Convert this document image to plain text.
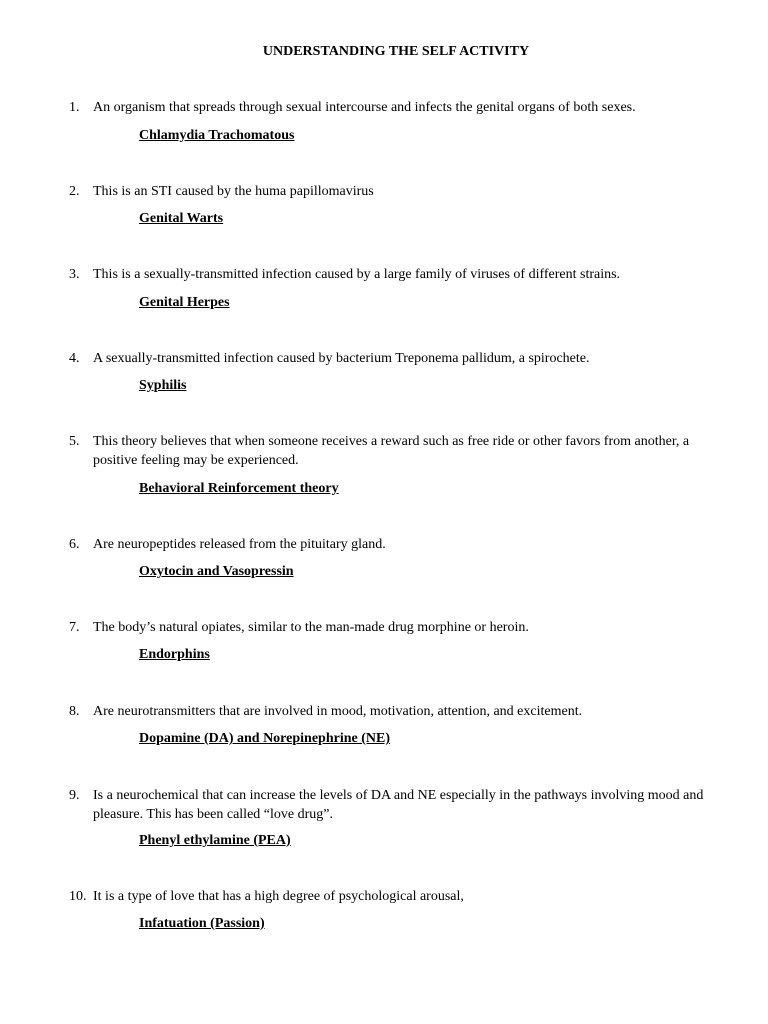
UNDERSTANDING THE SELF ACTIVITY
1. An organism that spreads through sexual intercourse and infects the genital organs of both sexes.
Chlamydia Trachomatous
2. This is an STI caused by the huma papillomavirus
Genital Warts
3. This is a sexually-transmitted infection caused by a large family of viruses of different strains.
Genital Herpes
4. A sexually-transmitted infection caused by bacterium Treponema pallidum, a spirochete.
Syphilis
5. This theory believes that when someone receives a reward such as free ride or other favors from another, a positive feeling may be experienced.
Behavioral Reinforcement theory
6. Are neuropeptides released from the pituitary gland.
Oxytocin and Vasopressin
7. The body’s natural opiates, similar to the man-made drug morphine or heroin.
Endorphins
8. Are neurotransmitters that are involved in mood, motivation, attention, and excitement.
Dopamine (DA) and Norepinephrine (NE)
9. Is a neurochemical that can increase the levels of DA and NE especially in the pathways involving mood and pleasure. This has been called “love drug”.
Phenyl ethylamine (PEA)
10. It is a type of love that has a high degree of psychological arousal,
Infatuation (Passion)
